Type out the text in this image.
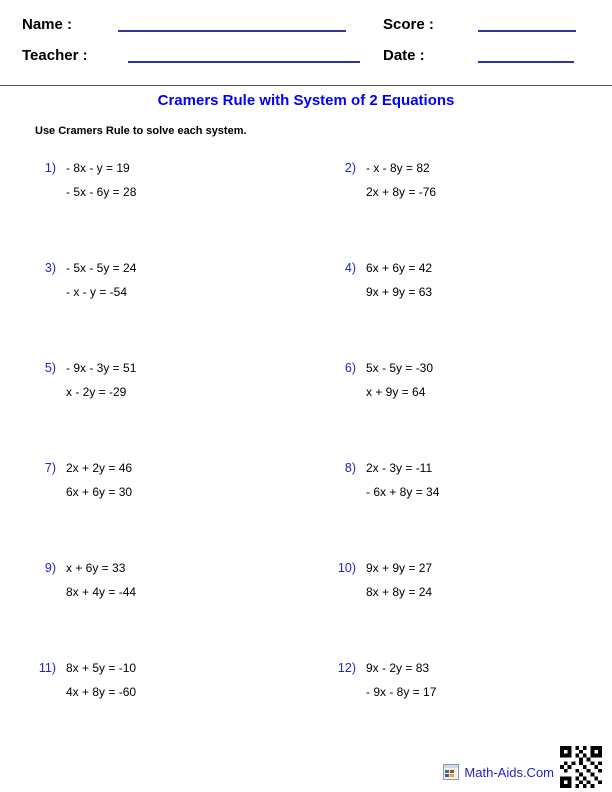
Name :	Score :
Teacher :	Date :
Cramers Rule with System of 2 Equations
Use Cramers Rule to solve each system.
1) - 8x - y = 19
- 5x - 6y = 28
2) - x - 8y = 82
2x + 8y = -76
3) - 5x - 5y = 24
- x - y = -54
4) 6x + 6y = 42
9x + 9y = 63
5) - 9x - 3y = 51
x - 2y = -29
6) 5x - 5y = -30
x + 9y = 64
7) 2x + 2y = 46
6x + 6y = 30
8) 2x - 3y = -11
- 6x + 8y = 34
9) x + 6y = 33
8x + 4y = -44
10) 9x + 9y = 27
8x + 8y = 24
11) 8x + 5y = -10
4x + 8y = -60
12) 9x - 2y = 83
- 9x - 8y = 17
Math-Aids.Com
